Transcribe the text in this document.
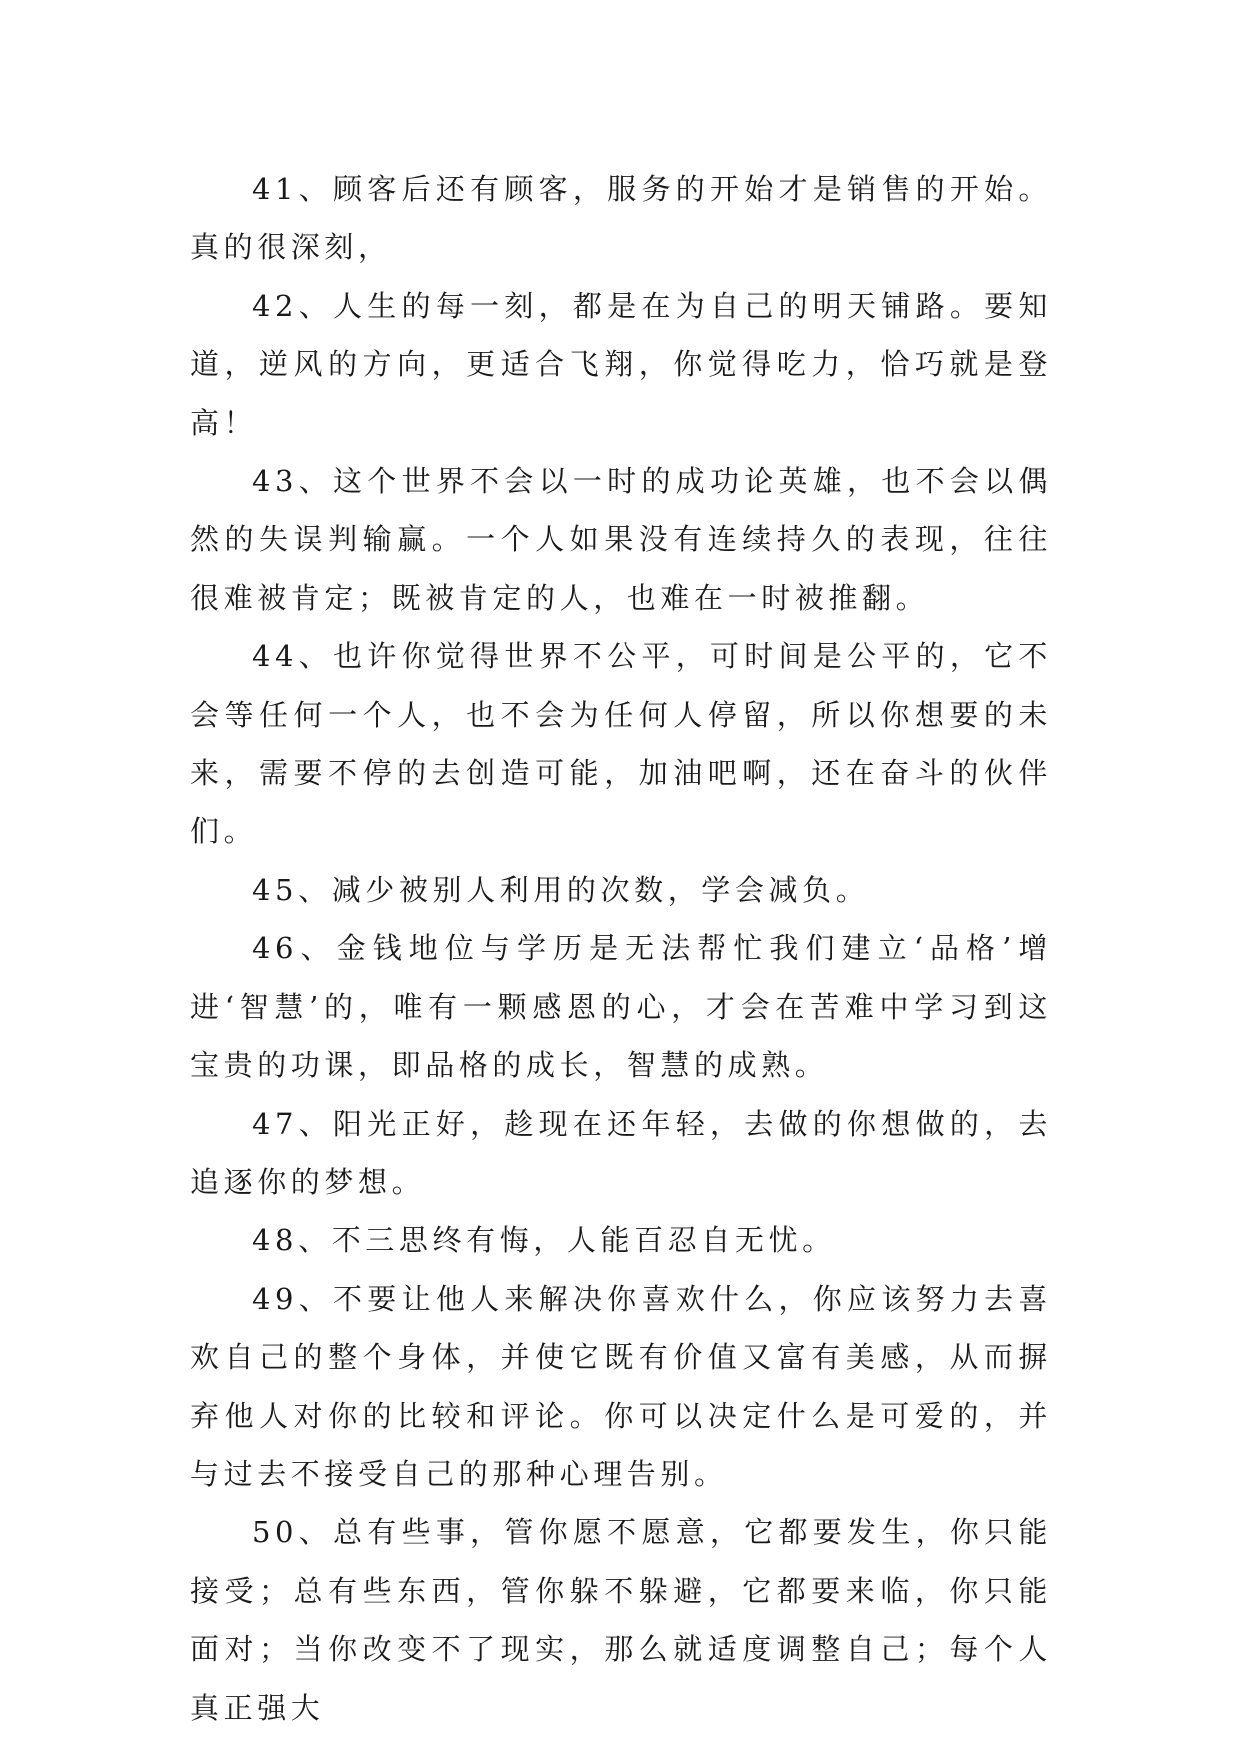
41、顾客后还有顾客，服务的开始才是销售的开始。真的很深刻，

42、人生的每一刻，都是在为自己的明天铺路。要知道，逆风的方向，更适合飞翔，你觉得吃力，恰巧就是登高！

43、这个世界不会以一时的成功论英雄，也不会以偶然的失误判输赢。一个人如果没有连续持久的表现，往往很难被肯定；既被肯定的人，也难在一时被推翻。

44、也许你觉得世界不公平，可时间是公平的，它不会等任何一个人，也不会为任何人停留，所以你想要的未来，需要不停的去创造可能，加油吧啊，还在奋斗的伙伴们。

45、减少被别人利用的次数，学会减负。

46、金钱地位与学历是无法帮忙我们建立‘品格’增进‘智慧’的，唯有一颗感恩的心，才会在苦难中学习到这宝贵的功课，即品格的成长，智慧的成熟。

47、阳光正好，趁现在还年轻，去做的你想做的，去追逐你的梦想。

48、不三思终有悔，人能百忍自无忧。

49、不要让他人来解决你喜欢什么，你应该努力去喜欢自己的整个身体，并使它既有价值又富有美感，从而摒弃他人对你的比较和评论。你可以决定什么是可爱的，并与过去不接受自己的那种心理告别。

50、总有些事，管你愿不愿意，它都要发生，你只能接受；总有些东西，管你躲不躲避，它都要来临，你只能面对；当你改变不了现实，那么就适度调整自己；每个人真正强大
